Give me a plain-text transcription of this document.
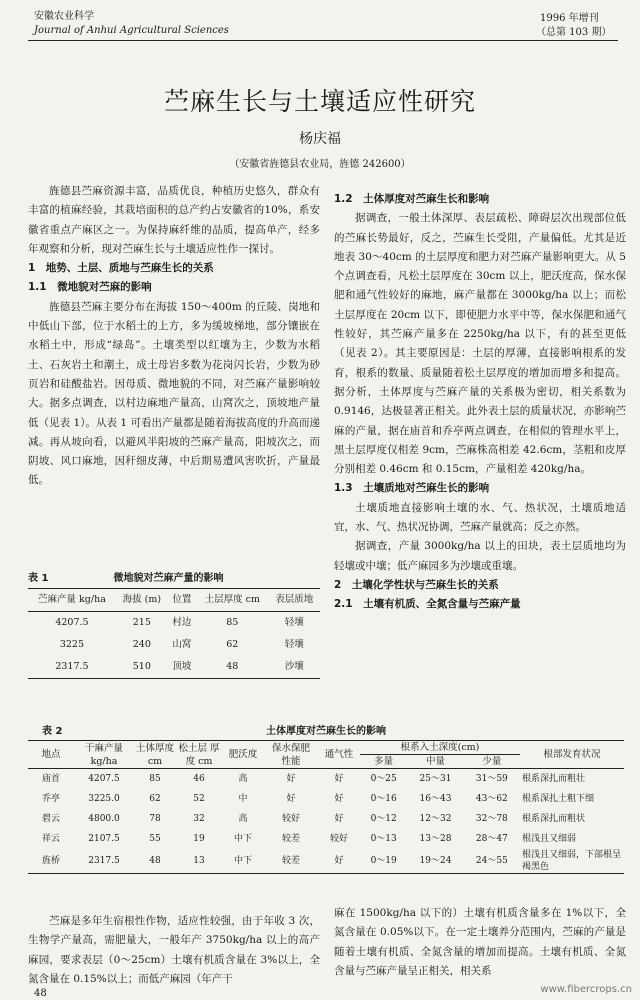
安徽农业科学
Journal of Anhui Agricultural Sciences
1996 年增刊
（总第 103 期）
苎麻生长与土壤适应性研究
杨庆福
（安徽省旌德县农业局，旌德 242600）

旌德县苎麻资源丰富，品质优良，种植历史悠久，群众有丰富的植麻经验，其栽培面积的总产约占安徽省的10%，系安徽省重点产麻区之一。为保持麻纤维的品质，提高单产，经多年观察和分析，现对苎麻生长与土壤适应性作一探讨。

1　地势、土层、质地与苎麻生长的关系
1.1　微地貌对苎麻的影响

旌德县苎麻主要分布在海拔 150～400m 的丘陵、岗地和中低山下部，位于水稻土的上方，多为缓坡梯地，部分镶嵌在水稻土中，形成“绿岛”。土壤类型以红壤为主，少数为水稻土、石灰岩土和潮土，成土母岩多数为花岗闪长岩，少数为砂页岩和硅酸盐岩。因母质、微地貌的不同，对苎麻产量影响较大。据多点调查，以村边麻地产量高，山窝次之，顶坡地产量低（见表 1）。从表 1 可看出产量都是随着海拔高度的升高而递减。再从坡向看，以避风半阳坡的苎麻产量高，阳坡次之，而阴坡、风口麻地，因秆细皮薄，中后期易遭风害吹折，产量最低。

表 1	微地貌对苎麻产量的影响
苎麻产量 kg/ha	海拔 (m)	位置	土层厚度 cm	表层质地
4207.5	215	村边	85	轻壤
3225	240	山窝	62	轻壤
2317.5	510	顶坡	48	沙壤
1.2　土体厚度对苎麻生长和影响

据调查，一般土体深厚、表层疏松、障碍层次出现部位低的苎麻长势最好，反之，苎麻生长受阻，产量偏低。尤其是近地表 30～40cm 的土层厚度和肥力对苎麻产量影响更大。从 5 个点调查看，凡松土层厚度在 30cm 以上，肥沃度高，保水保肥和通气性较好的麻地，麻产量都在 3000kg/ha 以上；而松土层厚度在 20cm 以下，即使肥力水平中等，保水保肥和通气性较好，其苎麻产量多在 2250kg/ha 以下，有的甚至更低（见表 2）。其主要原因是：土层的厚薄，直接影响根系的发育，根系的数量、质量随着松土层厚度的增加而增多和提高。据分析，土体厚度与苎麻产量的关系极为密切，相关系数为 0.9146，达极显著正相关。此外表土层的质量状况，亦影响苎麻的产量，据在庙首和乔亭两点调查，在相似的管理水平上，黑土层厚度仅相差 9cm，苎麻株高相差 42.6cm，茎粗和皮厚分别相差 0.46cm 和 0.15cm，产量相差 420kg/ha。

1.3　土壤质地对苎麻生长的影响

土壤质地直接影响土壤的水、气、热状况，土壤质地适宜，水、气、热状况协调，苎麻产量就高；反之亦然。

据调查，产量 3000kg/ha 以上的田块，表土层质地均为轻壤或中壤；低产麻园多为沙壤或重壤。

2　土壤化学性状与苎麻生长的关系
2.1　土壤有机质、全氮含量与苎麻产量
表 2	土体厚度对苎麻生长的影响
地点	干麻产量 kg/ha	土体厚度 cm	松土层 厚度 cm	肥沃度	保水保肥 性能	通气性	根系入土深度(cm)			根部发育状况
							多量	中量	少量	
庙首	4207.5	85	46	高	好	好	0～25	25～31	31～59	根系深扎而粗壮
乔亭	3225.0	62	52	中	好	好	0～16	16～43	43～62	根系深扎土粗下细
碧云	4800.0	78	32	高	较好	好	0～12	12～32	32～78	根系深扎而粗状
祥云	2107.5	55	19	中下	较差	较好	0～13	13～28	28～47	根浅且又细弱
旌桥	2317.5	48	13	中下	较差	好	0～19	19～24	24～55	根浅且又细弱，下部根呈褐黑色

苎麻是多年生宿根性作物，适应性较强，由于年收 3 次，生物学产量高，需肥量大，一般年产 3750kg/ha 以上的高产麻园，要求表层（0～25cm）土壤有机质含量在 3%以上，全氮含量在 0.15%以上；而低产麻园（年产干

麻在 1500kg/ha 以下的）土壤有机质含量多在 1%以下，全氮含量在 0.05%以下。在一定土壤养分范围内，苎麻的产量是随着土壤有机质、全氮含量的增加而提高。土壤有机质、全氮含量与苎麻产量呈正相关，相关系

48	www.fibercrops.cn
